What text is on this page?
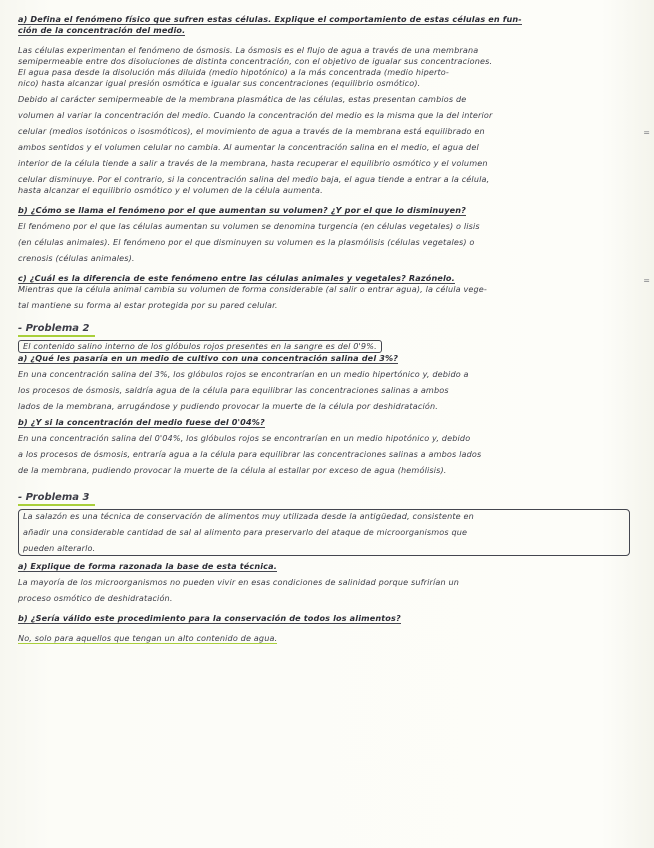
=
=
a) Defina el fenómeno físico que sufren estas células. Explique el comportamiento de estas células en fun-
ción de la concentración del medio.
Las células experimentan el fenómeno de ósmosis. La ósmosis es el flujo de agua a través de una membrana
semipermeable entre dos disoluciones de distinta concentración, con el objetivo de igualar sus concentraciones.
El agua pasa desde la disolución más diluida (medio hipotónico) a la más concentrada (medio hiperto-
nico) hasta alcanzar igual presión osmótica e igualar sus concentraciones (equilibrio osmótico).
Debido al carácter semipermeable de la membrana plasmática de las células, estas presentan cambios de
volumen al variar la concentración del medio. Cuando la concentración del medio es la misma que la del interior
celular (medios isotónicos o isosmóticos), el movimiento de agua a través de la membrana está equilibrado en
ambos sentidos y el volumen celular no cambia. Al aumentar la concentración salina en el medio, el agua del
interior de la célula tiende a salir a través de la membrana, hasta recuperar el equilibrio osmótico y el volumen
celular disminuye. Por el contrario, si la concentración salina del medio baja, el agua tiende a entrar a la célula,
hasta alcanzar el equilibrio osmótico y el volumen de la célula aumenta.
b) ¿Cómo se llama el fenómeno por el que aumentan su volumen? ¿Y por el que lo disminuyen?
El fenómeno por el que las células aumentan su volumen se denomina turgencia (en células vegetales) o lisis
(en células animales). El fenómeno por el que disminuyen su volumen es la plasmólisis (células vegetales) o
crenosis (células animales).
c) ¿Cuál es la diferencia de este fenómeno entre las células animales y vegetales? Razónelo.
Mientras que la célula animal cambia su volumen de forma considerable (al salir o entrar agua), la célula vege-
tal mantiene su forma al estar protegida por su pared celular.
- Problema 2
El contenido salino interno de los glóbulos rojos presentes en la sangre es del 0'9%.
a) ¿Qué les pasaría en un medio de cultivo con una concentración salina del 3%?
En una concentración salina del 3%, los glóbulos rojos se encontrarían en un medio hipertónico y, debido a
los procesos de ósmosis, saldría agua de la célula para equilibrar las concentraciones salinas a ambos
lados de la membrana, arrugándose y pudiendo provocar la muerte de la célula por deshidratación.
b) ¿Y si la concentración del medio fuese del 0'04%?
En una concentración salina del 0'04%, los glóbulos rojos se encontrarían en un medio hipotónico y, debido
a los procesos de ósmosis, entraría agua a la célula para equilibrar las concentraciones salinas a ambos lados
de la membrana, pudiendo provocar la muerte de la célula al estallar por exceso de agua (hemólisis).
- Problema 3
La salazón es una técnica de conservación de alimentos muy utilizada desde la antigüedad, consistente en
añadir una considerable cantidad de sal al alimento para preservarlo del ataque de microorganismos que
pueden alterarlo.
a) Explique de forma razonada la base de esta técnica.
La mayoría de los microorganismos no pueden vivir en esas condiciones de salinidad porque sufrirían un
proceso osmótico de deshidratación.
b) ¿Sería válido este procedimiento para la conservación de todos los alimentos?
No, solo para aquellos que tengan un alto contenido de agua.
